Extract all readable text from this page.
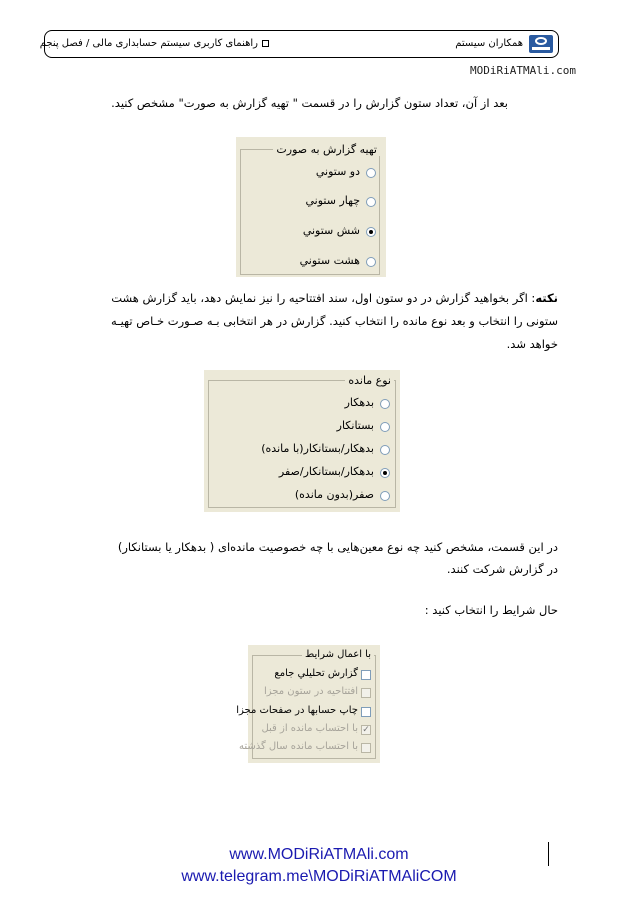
همکاران سیستم
راهنمای کاربری سیستم حسابداری مالی / فصل پنجم
MODiRiATMAli.com
بعد از آن، تعداد ستون گزارش را در قسمت " تهیه گزارش به صورت" مشخص کنید.
تهیه گزارش به صورت
دو ستوني
چهار ستوني
شش ستوني
هشت ستوني
نکته: اگر بخواهید گزارش در دو ستون اول، سند افتتاحیه را نیز نمایش دهد، باید گزارش هشت
ستونی را انتخاب و بعد نوع مانده را انتخاب کنید. گزارش در هر انتخابی بـه صـورت خـاص تهیـه
خواهد شد.
نوع مانده
بدهکار
بستانکار
بدهکار/بستانکار(با مانده)
بدهکار/بستانکار/صفر
صفر(بدون مانده)
در این قسمت، مشخص کنید چه نوع معین‌هایی با چه خصوصیت مانده‌ای ( بدهکار یا بستانکار)
در گزارش شرکت کنند.
حال شرایط را انتخاب کنید :
با اعمال شرايط
گزارش تحليلي جامع
افتتاحيه در ستون مجزا
چاپ حسابها در صفحات مجزا
✓
با احتساب مانده از قبل
با احتساب مانده سال گذشته
www.MODiRiATMAli.com
www.telegram.me\MODiRiATMAliCOM
